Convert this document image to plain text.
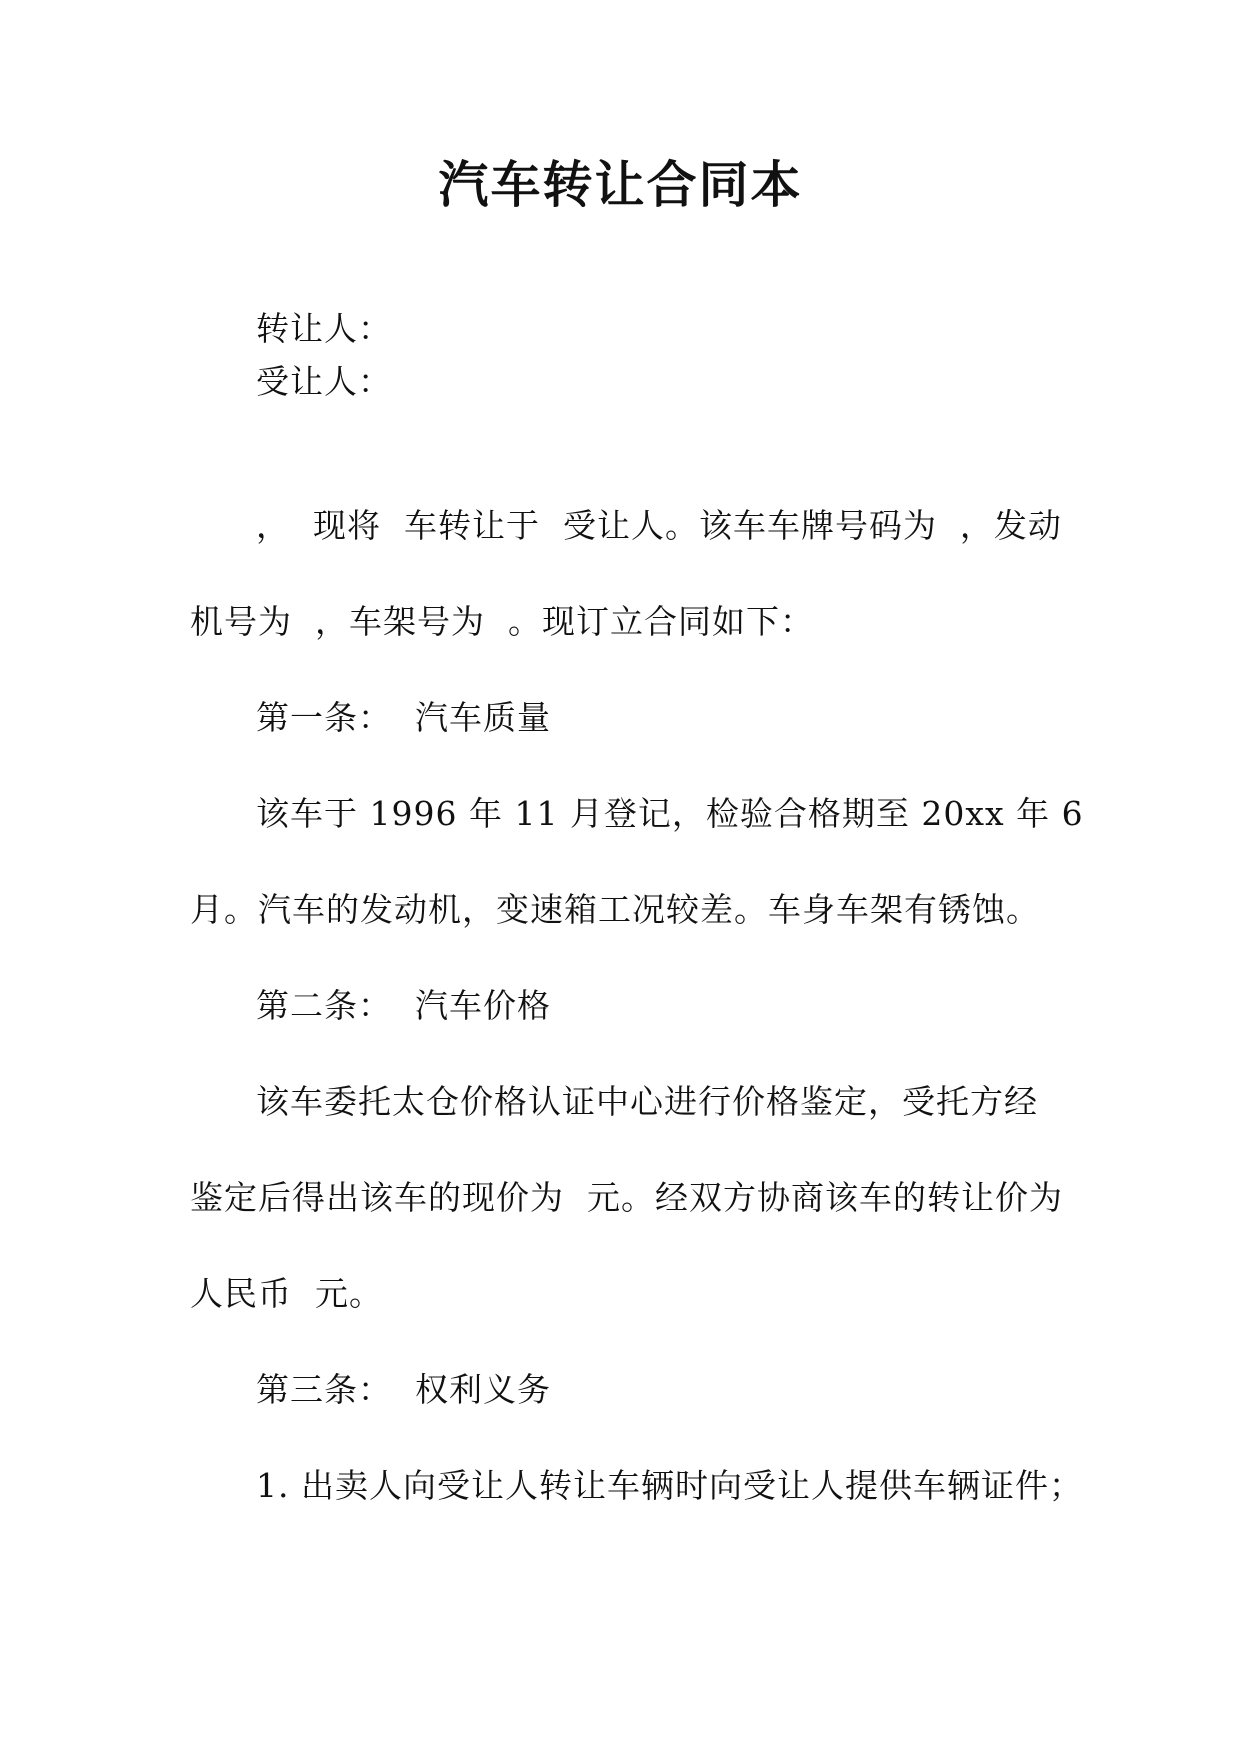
汽车转让合同本
转让人：
受让人：
，  现将  车转让于  受让人。该车车牌号码为  ，发动
机号为  ，车架号为  。现订立合同如下：
第一条：  汽车质量
该车于 1996 年 11 月登记，检验合格期至 20xx 年 6
月。汽车的发动机，变速箱工况较差。车身车架有锈蚀。
第二条：  汽车价格
该车委托太仓价格认证中心进行价格鉴定，受托方经
鉴定后得出该车的现价为  元。经双方协商该车的转让价为
人民币  元。
第三条：  权利义务
1. 出卖人向受让人转让车辆时向受让人提供车辆证件；
